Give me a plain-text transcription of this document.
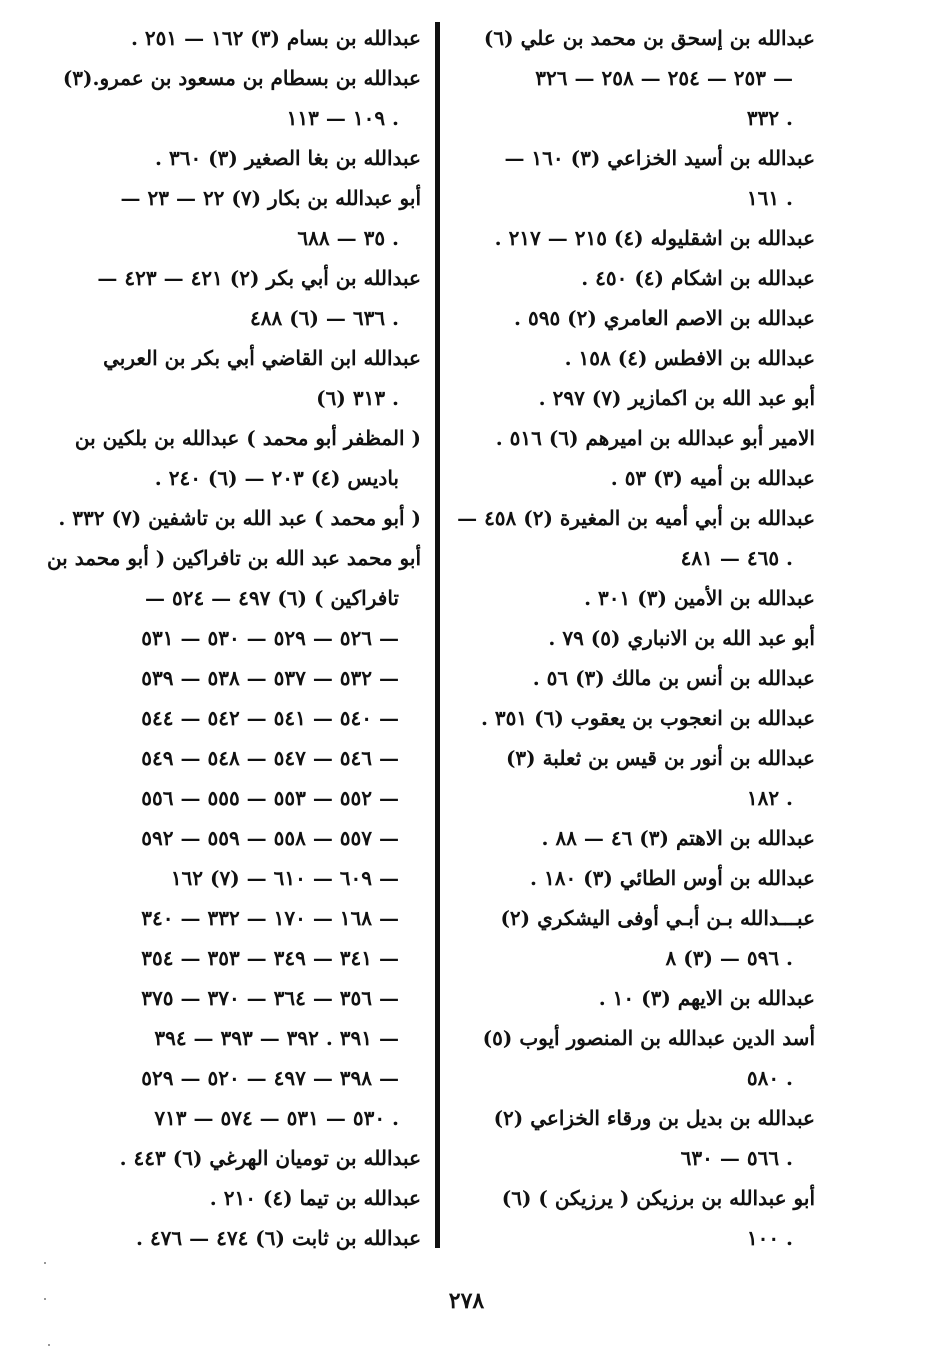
عبدالله بن إسحق بن محمد بن علي (٦)
٢٥٣ — ٢٥٤ — ٢٥٨ — ٣٢٦ —
٣٣٢ .
عبدالله بن أسيد الخزاعي (٣) ١٦٠ —
١٦١ .
عبدالله بن اشقليوله (٤) ٢١٥ — ٢١٧ .
عبدالله بن اشكام (٤) ٤٥٠ .
عبدالله بن الاصم العامري (٢) ٥٩٥ .
عبدالله بن الافطس (٤) ١٥٨ .
أبو عبد الله بن اكمازير (٧) ٢٩٧ .
الامير أبو عبدالله بن اميرهم (٦) ٥١٦ .
عبدالله بن أميه (٣) ٥٣ .
عبدالله بن أبي أميه بن المغيرة (٢) ٤٥٨ —
٤٦٥ — ٤٨١ .
عبدالله بن الأمين (٣) ٣٠١ .
أبو عبد الله بن الانباري (٥) ٧٩ .
عبدالله بن أنس بن مالك (٣) ٥٦ .
عبدالله بن انعجوب بن يعقوب (٦) ٣٥١ .
عبدالله بن أنور بن قيس بن ثعلبة (٣)
١٨٢ .
عبدالله بن الاهتم (٣) ٤٦ — ٨٨ .
عبدالله بن أوس الطائي (٣) ١٨٠ .
عبـــدالله بـن أبـي أوفى اليشكري (٢)
٥٩٦ — (٣) ٨ .
عبدالله بن الايهم (٣) ١٠ .
أسد الدين عبدالله بن المنصور أيوب (٥)
٥٨٠ .
عبدالله بن بديل بن ورقاء الخزاعي (٢)
٥٦٦ — ٦٣٠ .
أبو عبدالله بن برزيكن ( يرزيكن ) (٦)
١٠٠ .
عبدالله بن بسام (٣) ١٦٢ — ٢٥١ .
عبدالله بن بسطام بن مسعود بن عمرو.(٣)
١٠٩ — ١١٣ .
عبدالله بن بغا الصغير (٣) ٣٦٠ .
أبو عبدالله بن بكار (٧) ٢٢ — ٢٣ —
٣٥ — ٦٨٨ .
عبدالله بن أبي بكر (٢) ٤٢١ — ٤٢٣ —
٦٣٦ — (٦) ٤٨٨ .
عبدالله ابن القاضي أبي بكر بن العربي
(٦) ٣١٣ .
( المظفر أبو محمد ) عبدالله بن بلكين بن
باديس (٤) ٢٠٣ — (٦) ٢٤٠ .
( أبو محمد ) عبد الله بن تاشفين (٧) ٣٣٢ .
أبو محمد عبد الله بن تافراكين ( أبو محمد بن
تافراكين ) (٦) ٤٩٧ — ٥٢٤ —
٥٢٦ — ٥٢٩ — ٥٣٠ — ٥٣١ —
٥٣٢ — ٥٣٧ — ٥٣٨ — ٥٣٩ —
٥٤٠ — ٥٤١ — ٥٤٢ — ٥٤٤ —
٥٤٦ — ٥٤٧ — ٥٤٨ — ٥٤٩ —
٥٥٢ — ٥٥٣ — ٥٥٥ — ٥٥٦ —
٥٥٧ — ٥٥٨ — ٥٥٩ — ٥٩٢ —
٦٠٩ — ٦١٠ — (٧) ١٦٢ —
١٦٨ — ١٧٠ — ٣٣٢ — ٣٤٠ —
٣٤١ — ٣٤٩ — ٣٥٣ — ٣٥٤ —
٣٥٦ — ٣٦٤ — ٣٧٠ — ٣٧٥ —
٣٩١ . ٣٩٢ — ٣٩٣ — ٣٩٤ —
٣٩٨ — ٤٩٧ — ٥٢٠ — ٥٢٩ —
٥٣٠ — ٥٣١ — ٥٧٤ — ٧١٣ .
عبدالله بن تومیان الهرغي (٦) ٤٤٣ .
عبدالله بن تيما (٤) ٢١٠ .
عبدالله بن ثابت (٦) ٤٧٤ — ٤٧٦ .
٢٧٨
